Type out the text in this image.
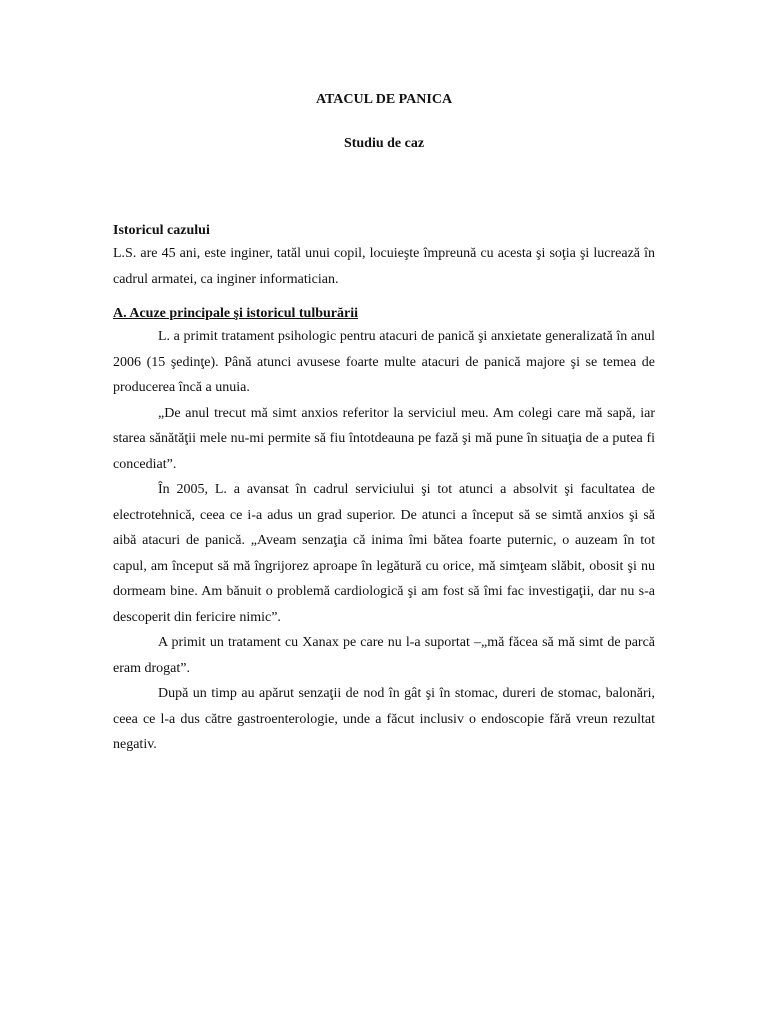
ATACUL DE PANICA
Studiu de caz
Istoricul cazului

L.S. are 45 ani, este inginer, tatăl unui copil, locuieşte împreună cu acesta şi soţia şi lucrează în cadrul armatei, ca inginer informatician.

A. Acuze principale şi istoricul tulburării

L. a primit tratament psihologic pentru atacuri de panică şi anxietate generalizată în anul 2006 (15 şedinţe). Până atunci avusese foarte multe atacuri de panică majore şi se temea de producerea încă a unuia.

„De anul trecut mă simt anxios referitor la serviciul meu. Am colegi care mă sapă, iar starea sănătăţii mele nu-mi permite să fiu întotdeauna pe fază şi mă pune în situaţia de a putea fi concediat”.

În 2005, L. a avansat în cadrul serviciului şi tot atunci a absolvit şi facultatea de electrotehnică, ceea ce i-a adus un grad superior. De atunci a început să se simtă anxios şi să aibă atacuri de panică. „Aveam senzaţia că inima îmi bătea foarte puternic, o auzeam în tot capul, am început să mă îngrijorez aproape în legătură cu orice, mă simţeam slăbit, obosit şi nu dormeam bine. Am bănuit o problemă cardiologică şi am fost să îmi fac investigaţii, dar nu s-a descoperit din fericire nimic”.

A primit un tratament cu Xanax pe care nu l-a suportat –„mă făcea să mă simt de parcă eram drogat”.

După un timp au apărut senzaţii de nod în gât şi în stomac, dureri de stomac, balonări, ceea ce l-a dus către gastroenterologie, unde a făcut inclusiv o endoscopie fără vreun rezultat negativ.
